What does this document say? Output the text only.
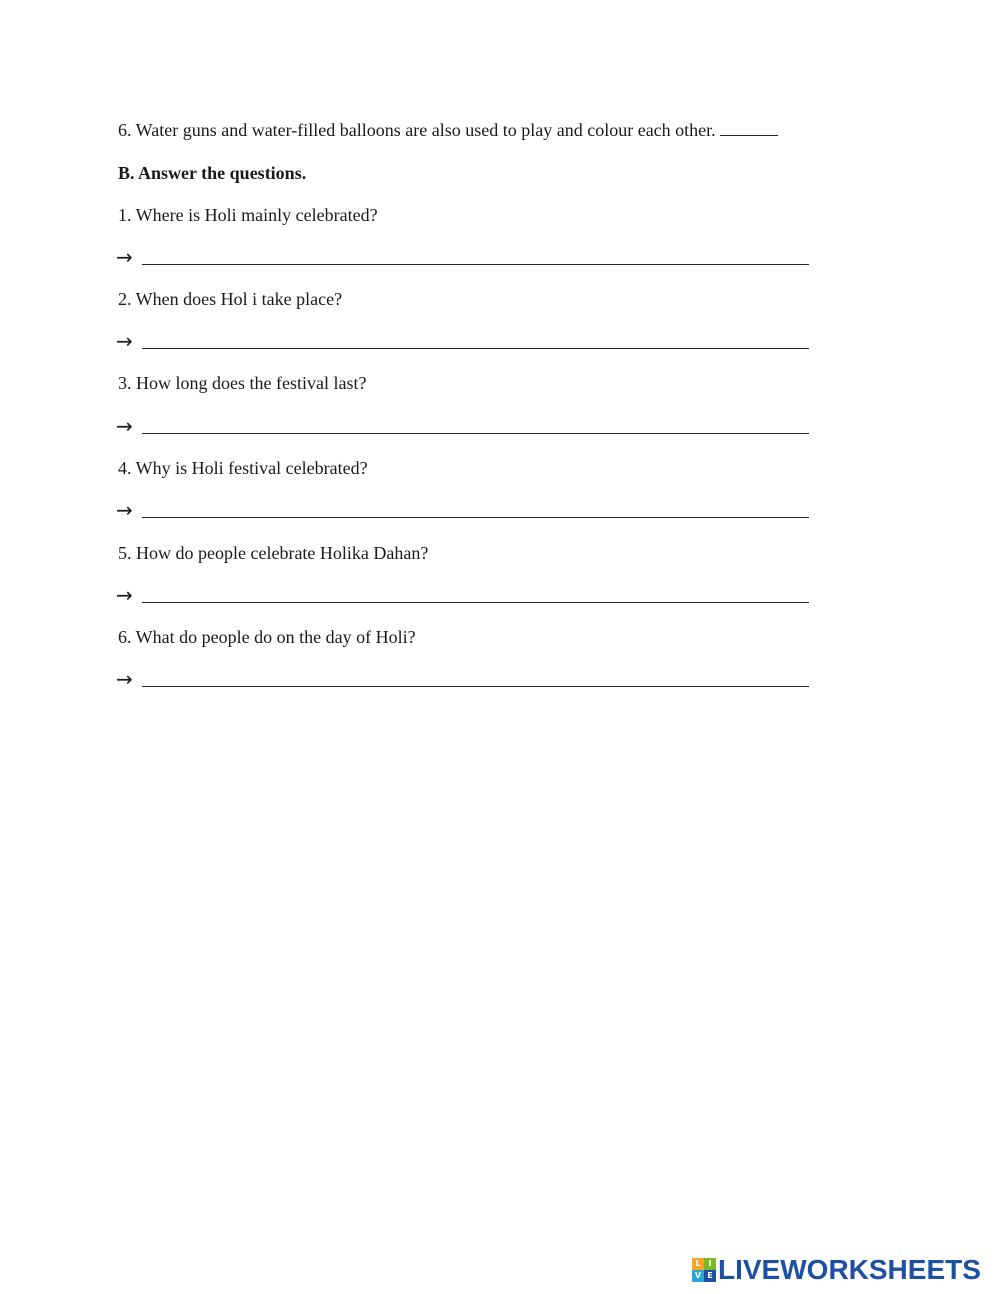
6. Water guns and water-filled balloons are also used to play and colour each other.
B. Answer the questions.
1. Where is Holi mainly celebrated?
→
2. When does Hol i take place?
→
3. How long does the festival last?
→
4. Why is Holi festival celebrated?
→
5. How do people celebrate Holika Dahan?
→
6. What do people do on the day of Holi?
→
L I
V E LIVEWORKSHEETS
